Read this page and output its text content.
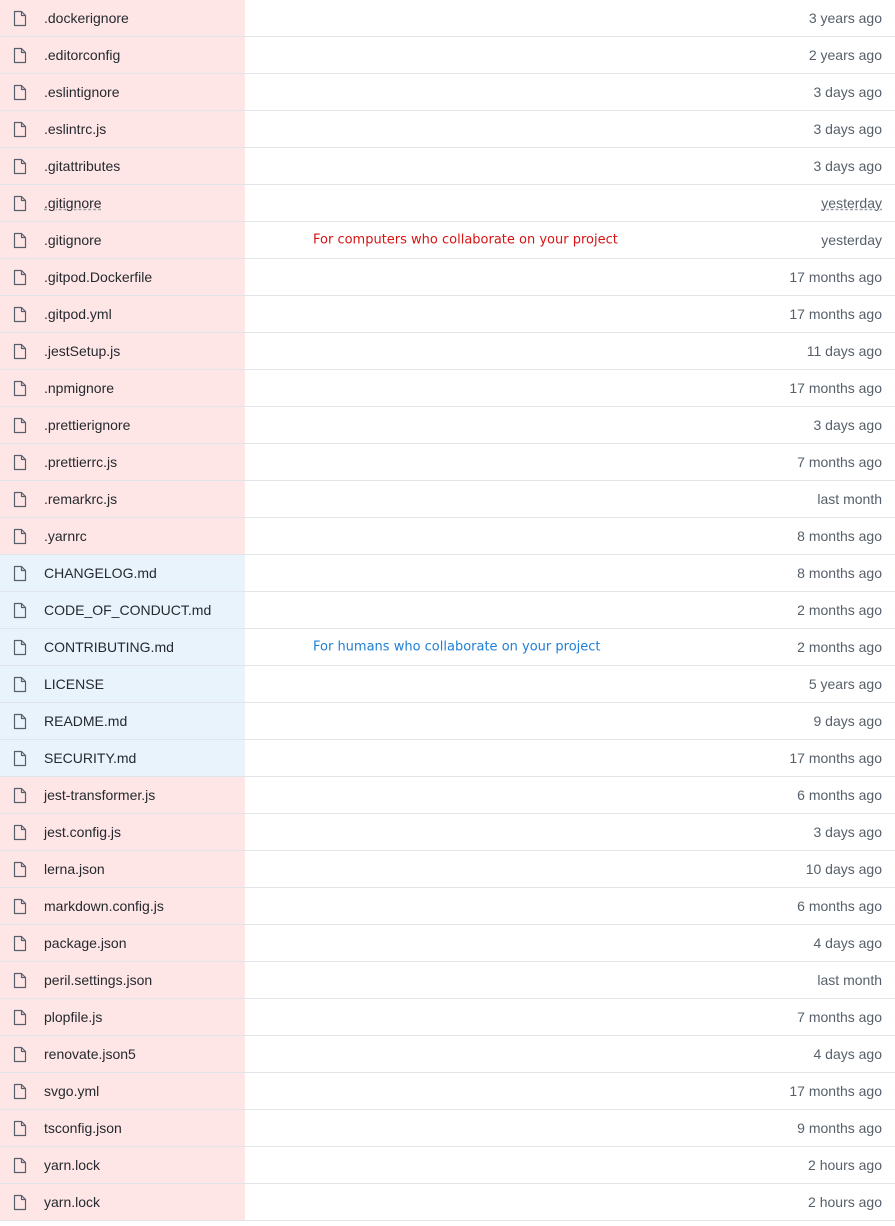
.dockerignore	3 years ago
.editorconfig	2 years ago
.eslintignore	3 days ago
.eslintrc.js	3 days ago
.gitattributes	3 days ago
.gitignore	yesterday
.gitignore	yesterday
For computers who collaborate on your project
.gitpod.Dockerfile	17 months ago
.gitpod.yml	17 months ago
.jestSetup.js	11 days ago
.npmignore	17 months ago
.prettierignore	3 days ago
.prettierrc.js	7 months ago
.remarkrc.js	last month
.yarnrc	8 months ago
CHANGELOG.md	8 months ago
CODE_OF_CONDUCT.md	2 months ago
CONTRIBUTING.md	2 months ago
For humans who collaborate on your project
LICENSE	5 years ago
README.md	9 days ago
SECURITY.md	17 months ago
jest-transformer.js	6 months ago
jest.config.js	3 days ago
lerna.json	10 days ago
markdown.config.js	6 months ago
package.json	4 days ago
peril.settings.json	last month
plopfile.js	7 months ago
renovate.json5	4 days ago
svgo.yml	17 months ago
tsconfig.json	9 months ago
yarn.lock	2 hours ago
yarn.lock	2 hours ago
